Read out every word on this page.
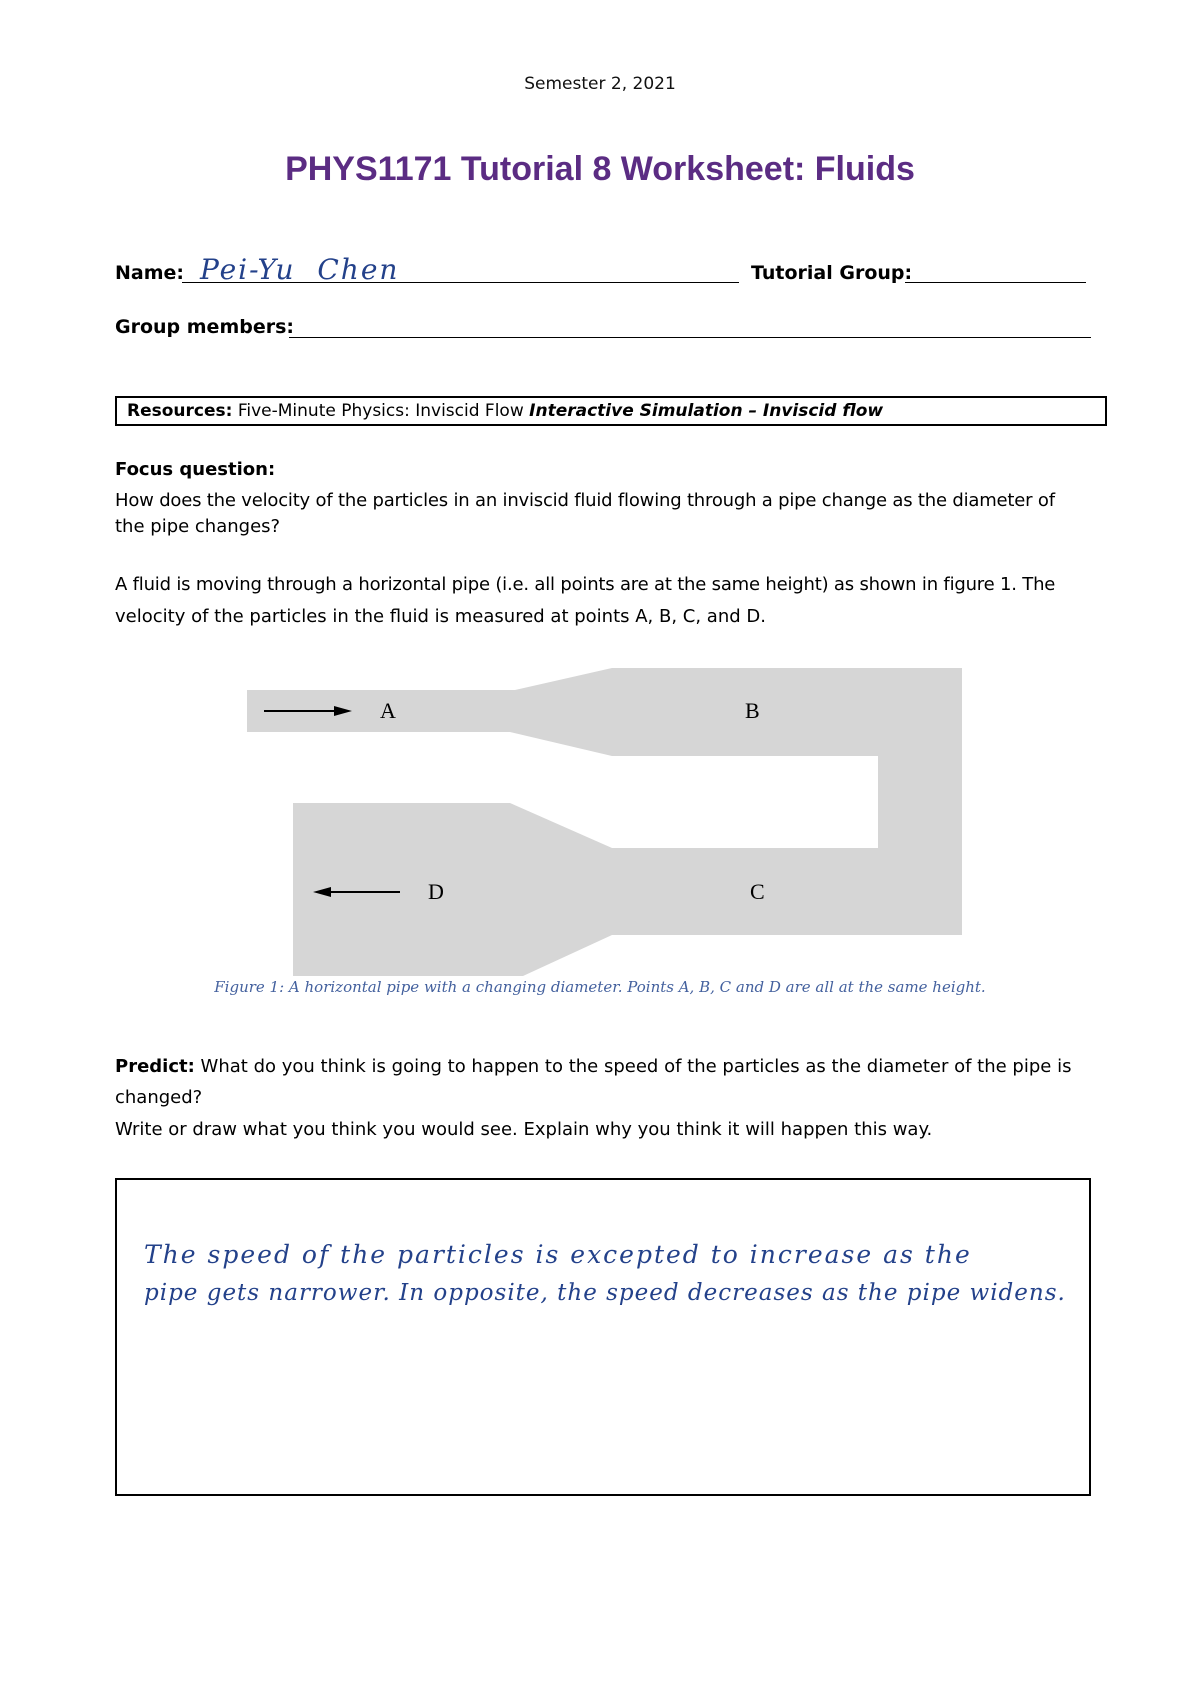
Semester 2, 2021
PHYS1171 Tutorial 8 Worksheet: Fluids
Name: Pei-Yu  Chen	Tutorial Group:
Group members:
Resources: Five-Minute Physics: Inviscid Flow Interactive Simulation – Inviscid flow
Focus question:
How does the velocity of the particles in an inviscid fluid flowing through a pipe change as the diameter of
the pipe changes?
A fluid is moving through a horizontal pipe (i.e. all points are at the same height) as shown in figure 1. The
velocity of the particles in the fluid is measured at points A, B, C, and D.
A	B
C
D
Figure 1: A horizontal pipe with a changing diameter. Points A, B, C and D are all at the same height.
Predict: What do you think is going to happen to the speed of the particles as the diameter of the pipe is
changed?
Write or draw what you think you would see. Explain why you think it will happen this way.
The speed of the particles is excepted to increase as the
pipe gets narrower. In opposite, the speed decreases as the pipe widens.
